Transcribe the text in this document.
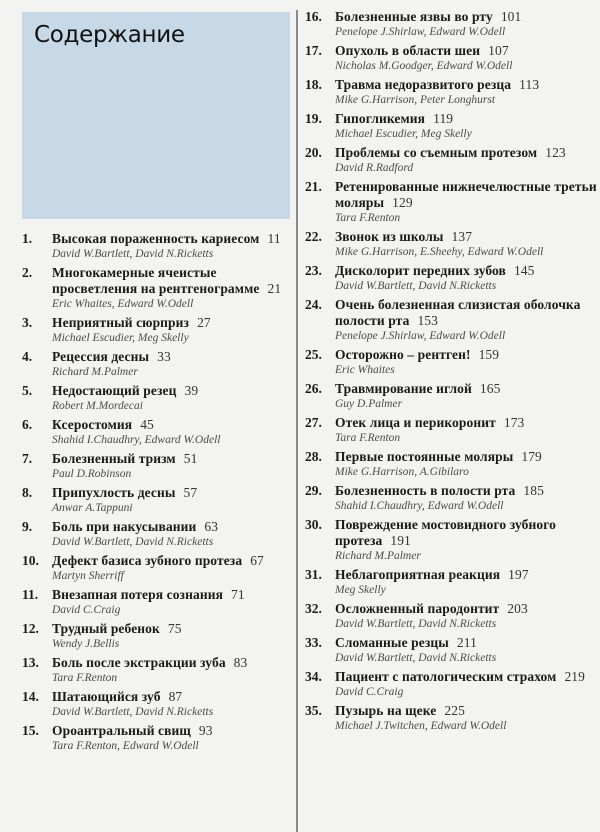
Содержание
1. Высокая пораженность кариесом 11
David W.Bartlett, David N.Ricketts
2. Многокамерные ячеистые просветления на рентгенограмме 21
Eric Whaites, Edward W.Odell
3. Неприятный сюрприз 27
Michael Escudier, Meg Skelly
4. Рецессия десны 33
Richard M.Palmer
5. Недостающий резец 39
Robert M.Mordecai
6. Ксеростомия 45
Shahid I.Chaudhry, Edward W.Odell
7. Болезненный тризм 51
Paul D.Robinson
8. Припухлость десны 57
Anwar A.Tappuni
9. Боль при накусывании 63
David W.Bartlett, David N.Ricketts
10. Дефект базиса зубного протеза 67
Martyn Sherriff
11. Внезапная потеря сознания 71
David C.Craig
12. Трудный ребенок 75
Wendy J.Bellis
13. Боль после экстракции зуба 83
Tara F.Renton
14. Шатающийся зуб 87
David W.Bartlett, David N.Ricketts
15. Ороантральный свищ 93
Tara F.Renton, Edward W.Odell
16. Болезненные язвы во рту 101
Penelope J.Shirlaw, Edward W.Odell
17. Опухоль в области шеи 107
Nicholas M.Goodger, Edward W.Odell
18. Травма недоразвитого резца 113
Mike G.Harrison, Peter Longhurst
19. Гипогликемия 119
Michael Escudier, Meg Skelly
20. Проблемы со съемным протезом 123
David R.Radford
21. Ретенированные нижнечелюстные третьи моляры 129
Tara F.Renton
22. Звонок из школы 137
Mike G.Harrison, E.Sheehy, Edward W.Odell
23. Дисколорит передних зубов 145
David W.Bartlett, David N.Ricketts
24. Очень болезненная слизистая оболочка полости рта 153
Penelope J.Shirlaw, Edward W.Odell
25. Осторожно – рентген! 159
Eric Whaites
26. Травмирование иглой 165
Guy D.Palmer
27. Отек лица и перикоронит 173
Tara F.Renton
28. Первые постоянные моляры 179
Mike G.Harrison, A.Gibilaro
29. Болезненность в полости рта 185
Shahid I.Chaudhry, Edward W.Odell
30. Повреждение мостовидного зубного протеза 191
Richard M.Palmer
31. Неблагоприятная реакция 197
Meg Skelly
32. Осложненный пародонтит 203
David W.Bartlett, David N.Ricketts
33. Сломанные резцы 211
David W.Bartlett, David N.Ricketts
34. Пациент с патологическим страхом 219
David C.Craig
35. Пузырь на щеке 225
Michael J.Twitchen, Edward W.Odell
